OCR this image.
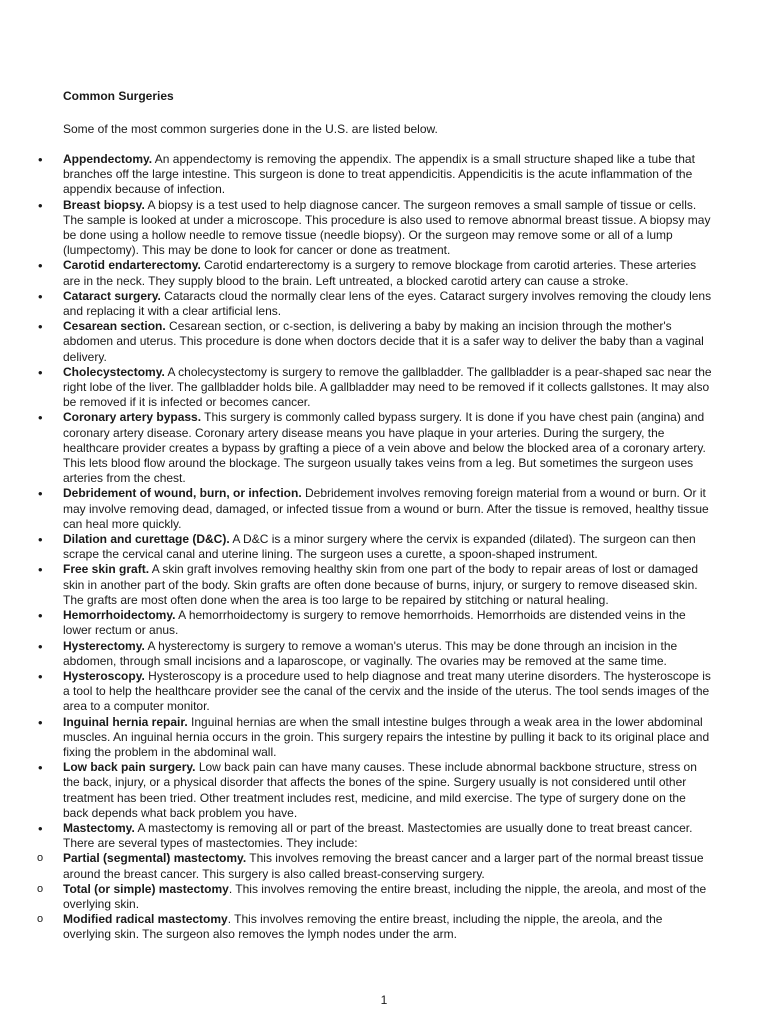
Common Surgeries
Some of the most common surgeries done in the U.S. are listed below.
• Appendectomy. An appendectomy is removing the appendix. The appendix is a small structure shaped like a tube that branches off the large intestine. This surgeon is done to treat appendicitis. Appendicitis is the acute inflammation of the appendix because of infection.
• Breast biopsy. A biopsy is a test used to help diagnose cancer. The surgeon removes a small sample of tissue or cells. The sample is looked at under a microscope. This procedure is also used to remove abnormal breast tissue. A biopsy may be done using a hollow needle to remove tissue (needle biopsy). Or the surgeon may remove some or all of a lump (lumpectomy). This may be done to look for cancer or done as treatment.
• Carotid endarterectomy. Carotid endarterectomy is a surgery to remove blockage from carotid arteries. These arteries are in the neck. They supply blood to the brain. Left untreated, a blocked carotid artery can cause a stroke.
• Cataract surgery. Cataracts cloud the normally clear lens of the eyes. Cataract surgery involves removing the cloudy lens and replacing it with a clear artificial lens.
• Cesarean section. Cesarean section, or c-section, is delivering a baby by making an incision through the mother's abdomen and uterus. This procedure is done when doctors decide that it is a safer way to deliver the baby than a vaginal delivery.
• Cholecystectomy. A cholecystectomy is surgery to remove the gallbladder. The gallbladder is a pear-shaped sac near the right lobe of the liver. The gallbladder holds bile. A gallbladder may need to be removed if it collects gallstones. It may also be removed if it is infected or becomes cancer.
• Coronary artery bypass. This surgery is commonly called bypass surgery. It is done if you have chest pain (angina) and coronary artery disease. Coronary artery disease means you have plaque in your arteries. During the surgery, the healthcare provider creates a bypass by grafting a piece of a vein above and below the blocked area of a coronary artery. This lets blood flow around the blockage. The surgeon usually takes veins from a leg. But sometimes the surgeon uses arteries from the chest.
• Debridement of wound, burn, or infection. Debridement involves removing foreign material from a wound or burn. Or it may involve removing dead, damaged, or infected tissue from a wound or burn. After the tissue is removed, healthy tissue can heal more quickly.
• Dilation and curettage (D&C). A D&C is a minor surgery where the cervix is expanded (dilated). The surgeon can then scrape the cervical canal and uterine lining. The surgeon uses a curette, a spoon-shaped instrument.
• Free skin graft. A skin graft involves removing healthy skin from one part of the body to repair areas of lost or damaged skin in another part of the body. Skin grafts are often done because of burns, injury, or surgery to remove diseased skin. The grafts are most often done when the area is too large to be repaired by stitching or natural healing.
• Hemorrhoidectomy. A hemorrhoidectomy is surgery to remove hemorrhoids. Hemorrhoids are distended veins in the lower rectum or anus.
• Hysterectomy. A hysterectomy is surgery to remove a woman's uterus. This may be done through an incision in the abdomen, through small incisions and a laparoscope, or vaginally. The ovaries may be removed at the same time.
• Hysteroscopy. Hysteroscopy is a procedure used to help diagnose and treat many uterine disorders. The hysteroscope is a tool to help the healthcare provider see the canal of the cervix and the inside of the uterus. The tool sends images of the area to a computer monitor.
• Inguinal hernia repair. Inguinal hernias are when the small intestine bulges through a weak area in the lower abdominal muscles. An inguinal hernia occurs in the groin. This surgery repairs the intestine by pulling it back to its original place and fixing the problem in the abdominal wall.
• Low back pain surgery. Low back pain can have many causes. These include abnormal backbone structure, stress on the back, injury, or a physical disorder that affects the bones of the spine. Surgery usually is not considered until other treatment has been tried. Other treatment includes rest, medicine, and mild exercise. The type of surgery done on the back depends what back problem you have.
• Mastectomy. A mastectomy is removing all or part of the breast. Mastectomies are usually done to treat breast cancer. There are several types of mastectomies. They include:
o Partial (segmental) mastectomy. This involves removing the breast cancer and a larger part of the normal breast tissue around the breast cancer. This surgery is also called breast-conserving surgery.
o Total (or simple) mastectomy. This involves removing the entire breast, including the nipple, the areola, and most of the overlying skin.
o Modified radical mastectomy. This involves removing the entire breast, including the nipple, the areola, and the overlying skin. The surgeon also removes the lymph nodes under the arm.
1
